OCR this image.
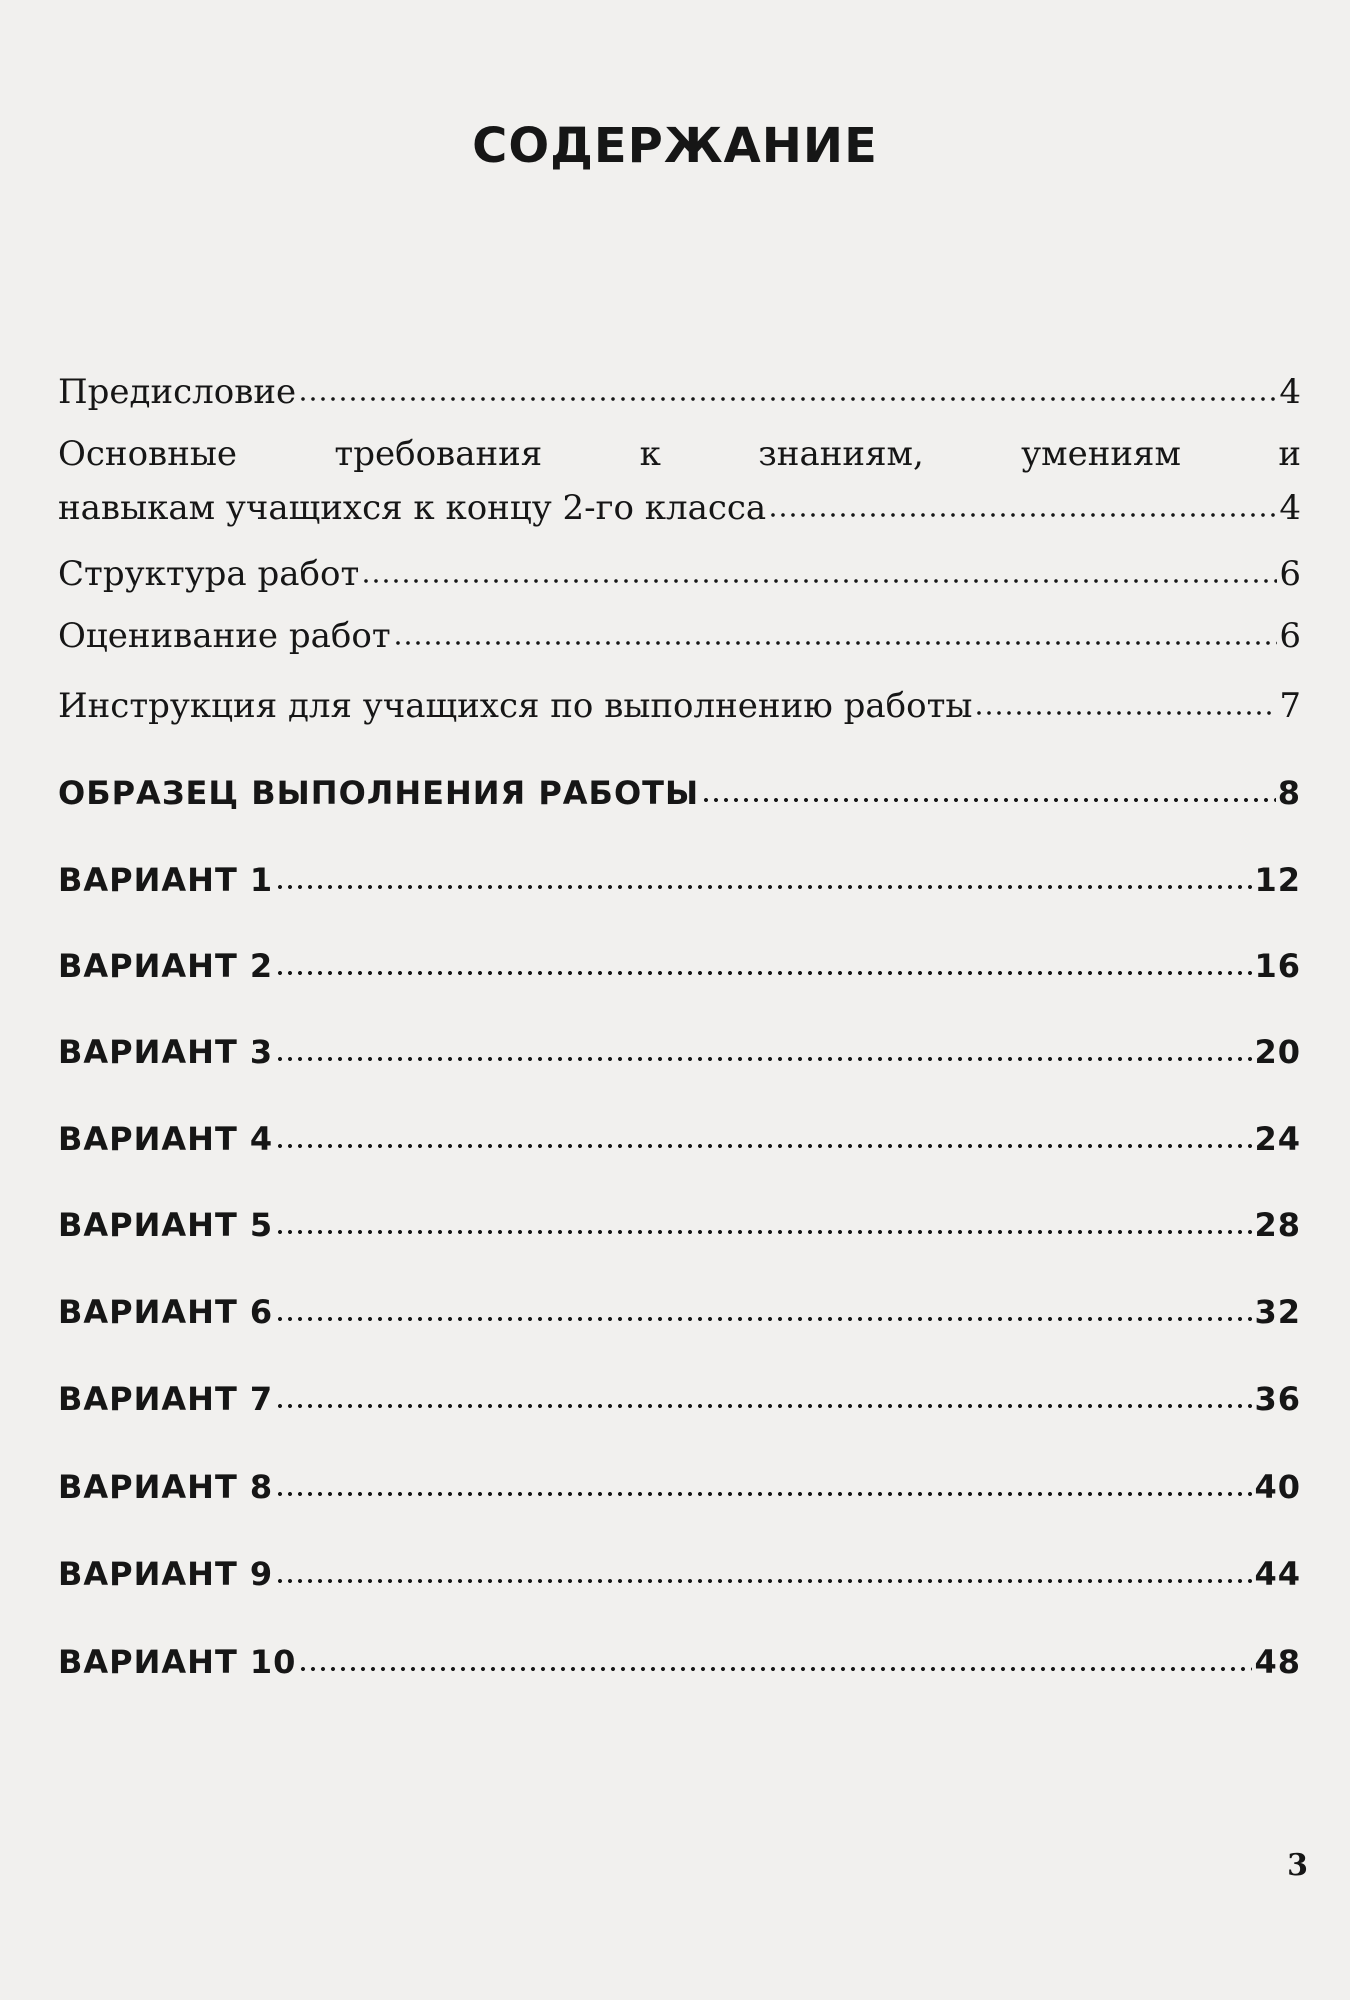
СОДЕРЖАНИЕ
Предисловие	4
Основные требования к знаниям, умениям и
навыкам учащихся к концу 2-го класса	4
Структура работ	6
Оценивание работ	6
Инструкция для учащихся по выполнению работы	7
ОБРАЗЕЦ ВЫПОЛНЕНИЯ РАБОТЫ	8
ВАРИАНТ 1	12
ВАРИАНТ 2	16
ВАРИАНТ 3	20
ВАРИАНТ 4	24
ВАРИАНТ 5	28
ВАРИАНТ 6	32
ВАРИАНТ 7	36
ВАРИАНТ 8	40
ВАРИАНТ 9	44
ВАРИАНТ 10	48
3
